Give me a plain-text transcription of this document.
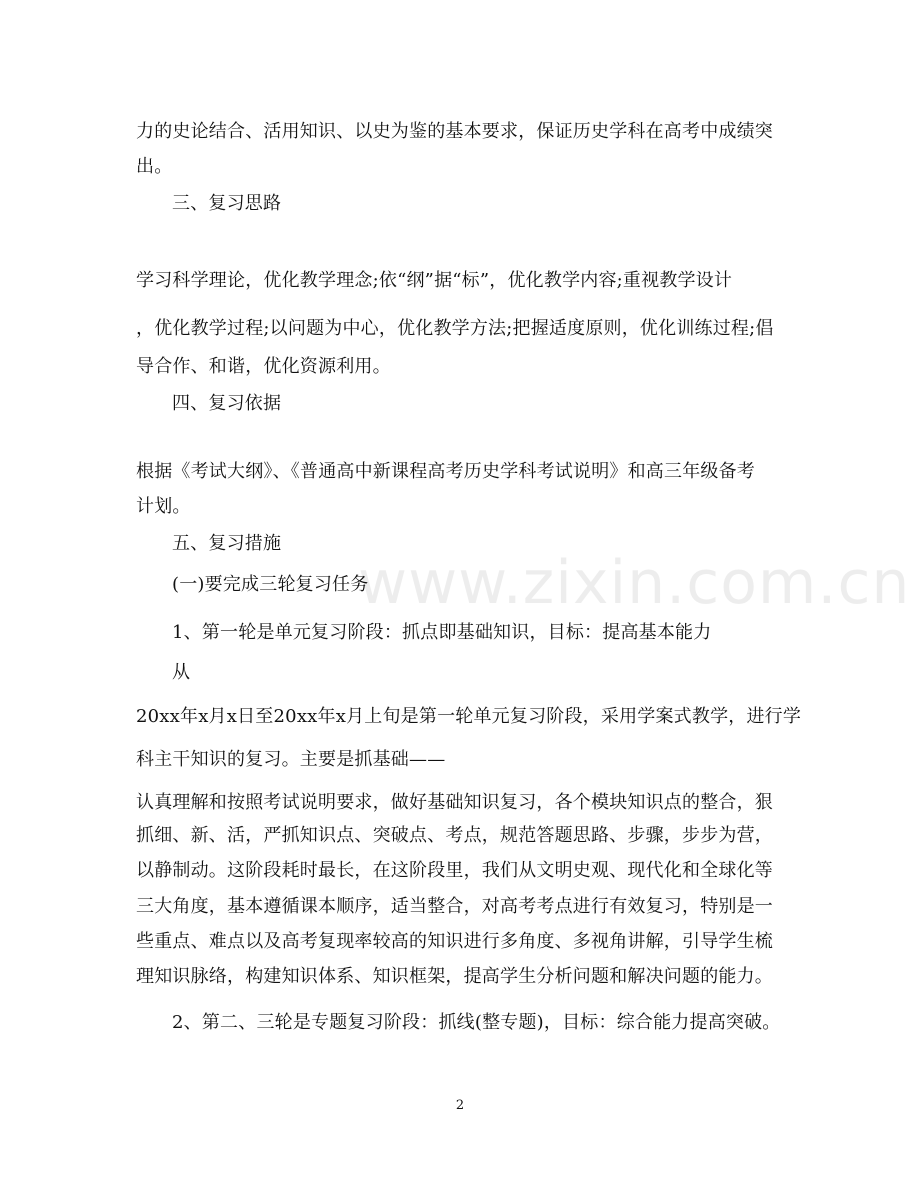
www.zixin.com.cn
力的史论结合、活用知识、以史为鉴的基本要求，保证历史学科在高考中成绩突
出。
三、复习思路
学习科学理论，优化教学理念;依“纲”据“标”，优化教学内容;重视教学设计
，优化教学过程;以问题为中心，优化教学方法;把握适度原则，优化训练过程;倡
导合作、和谐，优化资源利用。
四、复习依据
根据《考试大纲》、《普通高中新课程高考历史学科考试说明》和高三年级备考
计划。
五、复习措施
(一)要完成三轮复习任务
1、第一轮是单元复习阶段：抓点即基础知识，目标：提高基本能力
从
20xx年x月x日至20xx年x月上旬是第一轮单元复习阶段，采用学案式教学，进行学
科主干知识的复习。主要是抓基础——
认真理解和按照考试说明要求，做好基础知识复习，各个模块知识点的整合，狠
抓细、新、活，严抓知识点、突破点、考点，规范答题思路、步骤，步步为营，
以静制动。这阶段耗时最长，在这阶段里，我们从文明史观、现代化和全球化等
三大角度，基本遵循课本顺序，适当整合，对高考考点进行有效复习，特别是一
些重点、难点以及高考复现率较高的知识进行多角度、多视角讲解，引导学生梳
理知识脉络，构建知识体系、知识框架，提高学生分析问题和解决问题的能力。
2、第二、三轮是专题复习阶段：抓线(整专题)，目标：综合能力提高突破。
2
